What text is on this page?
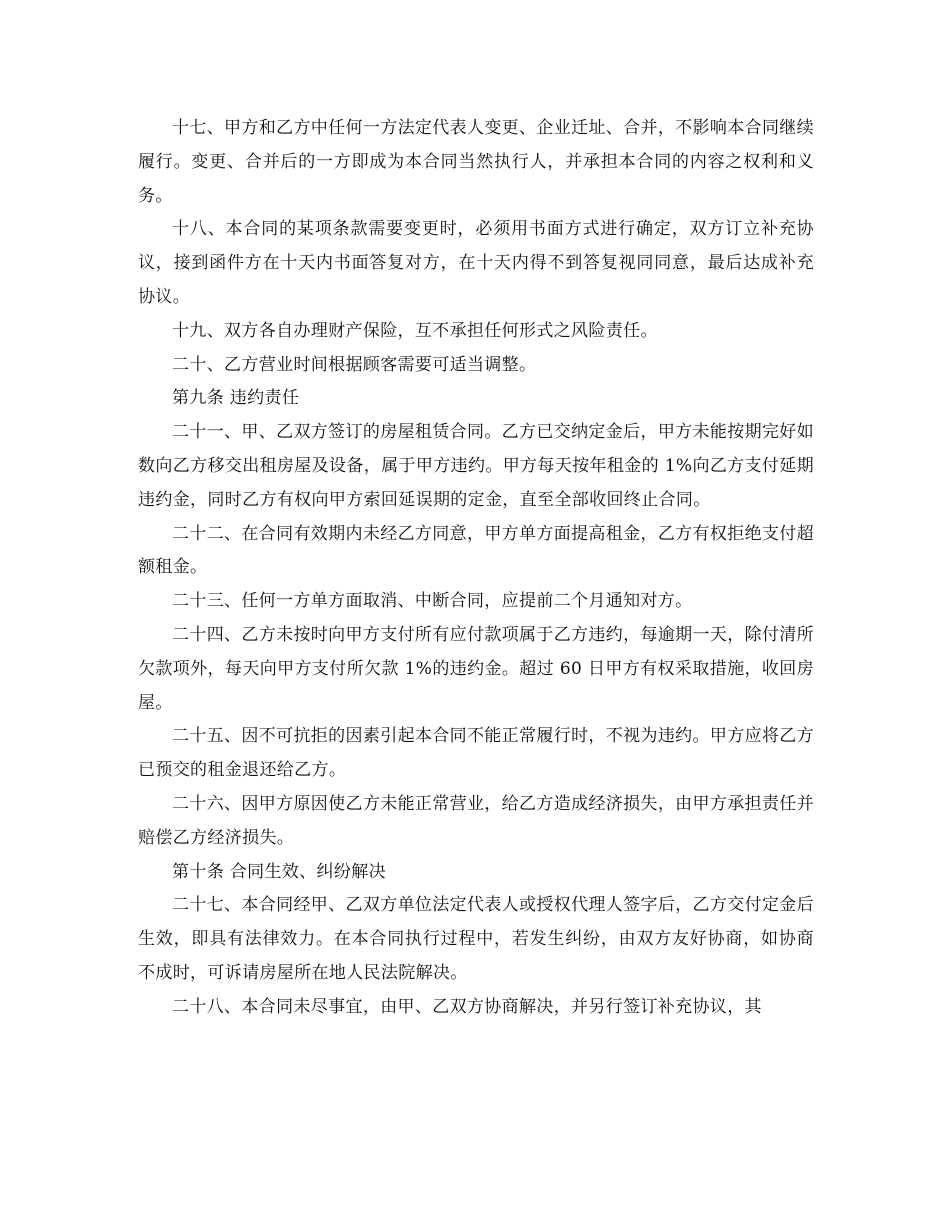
十七、甲方和乙方中任何一方法定代表人变更、企业迁址、合并，不影响本合同继续履行。变更、合并后的一方即成为本合同当然执行人，并承担本合同的内容之权利和义务。

十八、本合同的某项条款需要变更时，必须用书面方式进行确定，双方订立补充协议，接到函件方在十天内书面答复对方，在十天内得不到答复视同同意，最后达成补充协议。

十九、双方各自办理财产保险，互不承担任何形式之风险责任。

二十、乙方营业时间根据顾客需要可适当调整。

第九条 违约责任

二十一、甲、乙双方签订的房屋租赁合同。乙方已交纳定金后，甲方未能按期完好如数向乙方移交出租房屋及设备，属于甲方违约。甲方每天按年租金的 1%向乙方支付延期违约金，同时乙方有权向甲方索回延误期的定金，直至全部收回终止合同。

二十二、在合同有效期内未经乙方同意，甲方单方面提高租金，乙方有权拒绝支付超额租金。

二十三、任何一方单方面取消、中断合同，应提前二个月通知对方。

二十四、乙方未按时向甲方支付所有应付款项属于乙方违约，每逾期一天，除付清所欠款项外，每天向甲方支付所欠款 1%的违约金。超过 60 日甲方有权采取措施，收回房屋。

二十五、因不可抗拒的因素引起本合同不能正常履行时，不视为违约。甲方应将乙方已预交的租金退还给乙方。

二十六、因甲方原因使乙方未能正常营业，给乙方造成经济损失，由甲方承担责任并赔偿乙方经济损失。

第十条 合同生效、纠纷解决

二十七、本合同经甲、乙双方单位法定代表人或授权代理人签字后，乙方交付定金后生效，即具有法律效力。在本合同执行过程中，若发生纠纷，由双方友好协商，如协商不成时，可诉请房屋所在地人民法院解决。

二十八、本合同未尽事宜，由甲、乙双方协商解决，并另行签订补充协议，其
